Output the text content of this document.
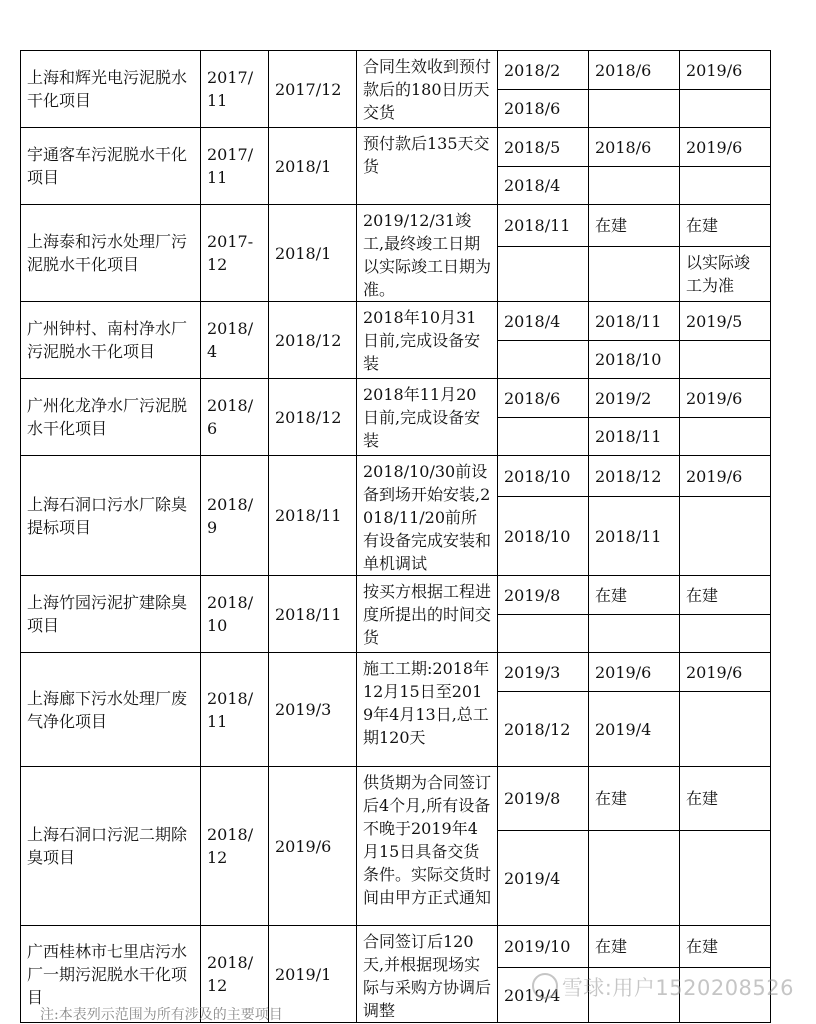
上海和辉光电污泥脱水干化项目	2017/11	2017/12	合同生效收到预付款后的180日历天交货	2018/2	2018/6	2019/6
				2018/6		
宇通客车污泥脱水干化项目	2017/11	2018/1	预付款后135天交货	2018/5	2018/6	2019/6
				2018/4		
上海泰和污水处理厂污泥脱水干化项目	2017-12	2018/1	2019/12/31竣工,最终竣工日期以实际竣工日期为准。	2018/11	在建	在建
						以实际竣工为准
广州钟村、南村净水厂污泥脱水干化项目	2018/4	2018/12	2018年10月31日前,完成设备安装	2018/4	2018/11	2019/5
					2018/10	
广州化龙净水厂污泥脱水干化项目	2018/6	2018/12	2018年11月20日前,完成设备安装	2018/6	2019/2	2019/6
					2018/11	
上海石洞口污水厂除臭提标项目	2018/9	2018/11	2018/10/30前设备到场开始安装,2018/11/20前所有设备完成安装和单机调试	2018/10	2018/12	2019/6
				2018/10	2018/11	
上海竹园污泥扩建除臭项目	2018/10	2018/11	按买方根据工程进度所提出的时间交货	2019/8	在建	在建

上海廊下污水处理厂废气净化项目	2018/11	2019/3	施工工期:2018年12月15日至2019年4月13日,总工期120天	2019/3	2019/6	2019/6
				2018/12	2019/4	
上海石洞口污泥二期除臭项目	2018/12	2019/6	供货期为合同签订后4个月,所有设备不晚于2019年4月15日具备交货条件。实际交货时间由甲方正式通知	2019/8	在建	在建
				2019/4		
广西桂林市七里店污水厂一期污泥脱水干化项目	2018/12	2019/1	合同签订后120天,并根据现场实际与采购方协调后调整	2019/10	在建	在建
				2019/4		雪球:用户1520208526
注:本表列示范围为所有涉及的主要项目
